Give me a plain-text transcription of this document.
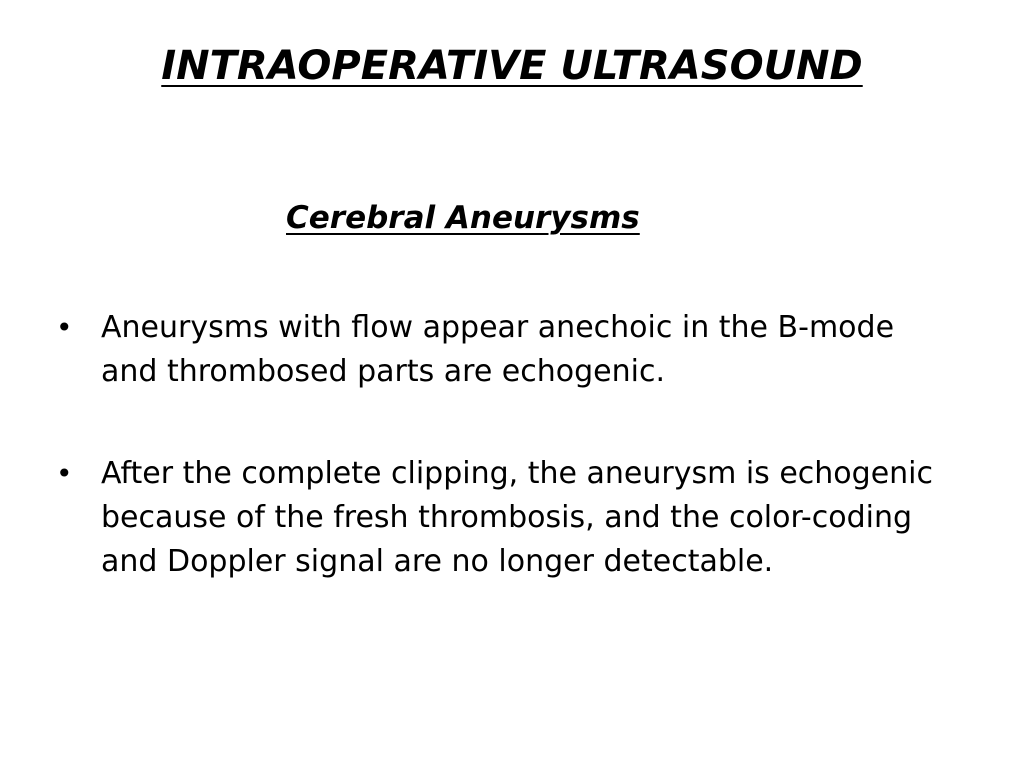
INTRAOPERATIVE ULTRASOUND
Cerebral Aneurysms
• Aneurysms with flow appear anechoic in the B-mode and thrombosed parts are echogenic.
• After the complete clipping, the aneurysm is echogenic because of the fresh thrombosis, and the color-coding and Doppler signal are no longer detectable.
